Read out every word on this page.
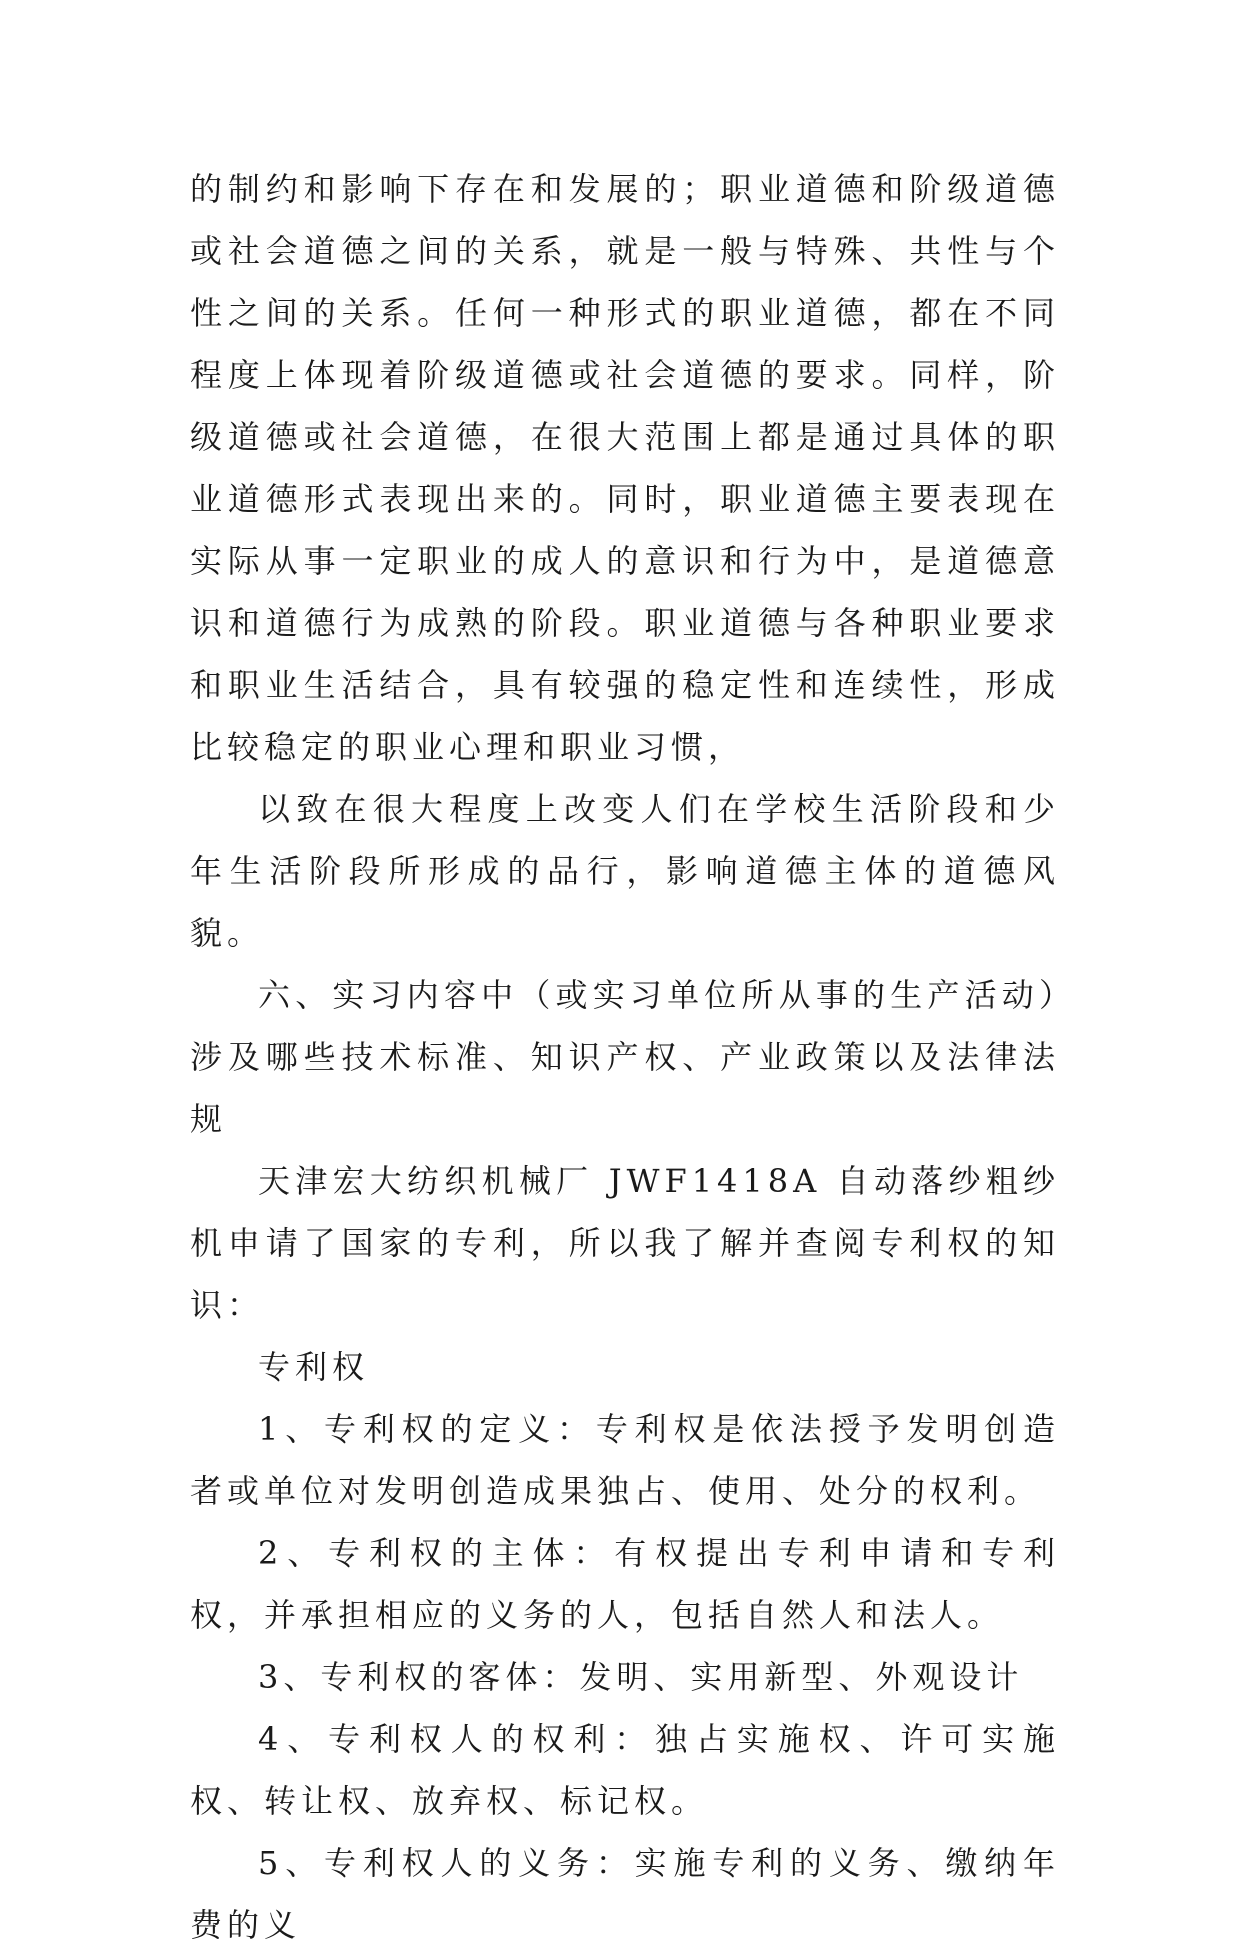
的制约和影响下存在和发展的；职业道德和阶级道德或社会道德之间的关系，就是一般与特殊、共性与个性之间的关系。任何一种形式的职业道德，都在不同程度上体现着阶级道德或社会道德的要求。同样，阶级道德或社会道德，在很大范围上都是通过具体的职业道德形式表现出来的。同时，职业道德主要表现在实际从事一定职业的成人的意识和行为中，是道德意识和道德行为成熟的阶段。职业道德与各种职业要求和职业生活结合，具有较强的稳定性和连续性，形成比较稳定的职业心理和职业习惯，

以致在很大程度上改变人们在学校生活阶段和少年生活阶段所形成的品行，影响道德主体的道德风貌。

六、实习内容中（或实习单位所从事的生产活动）涉及哪些技术标准、知识产权、产业政策以及法律法规

天津宏大纺织机械厂 JWF1418A 自动落纱粗纱机申请了国家的专利，所以我了解并查阅专利权的知识：

专利权

1、专利权的定义：专利权是依法授予发明创造者或单位对发明创造成果独占、使用、处分的权利。

2、专利权的主体：有权提出专利申请和专利权，并承担相应的义务的人，包括自然人和法人。

3、专利权的客体：发明、实用新型、外观设计

4、专利权人的权利：独占实施权、许可实施权、转让权、放弃权、标记权。

5、专利权人的义务：实施专利的义务、缴纳年费的义
